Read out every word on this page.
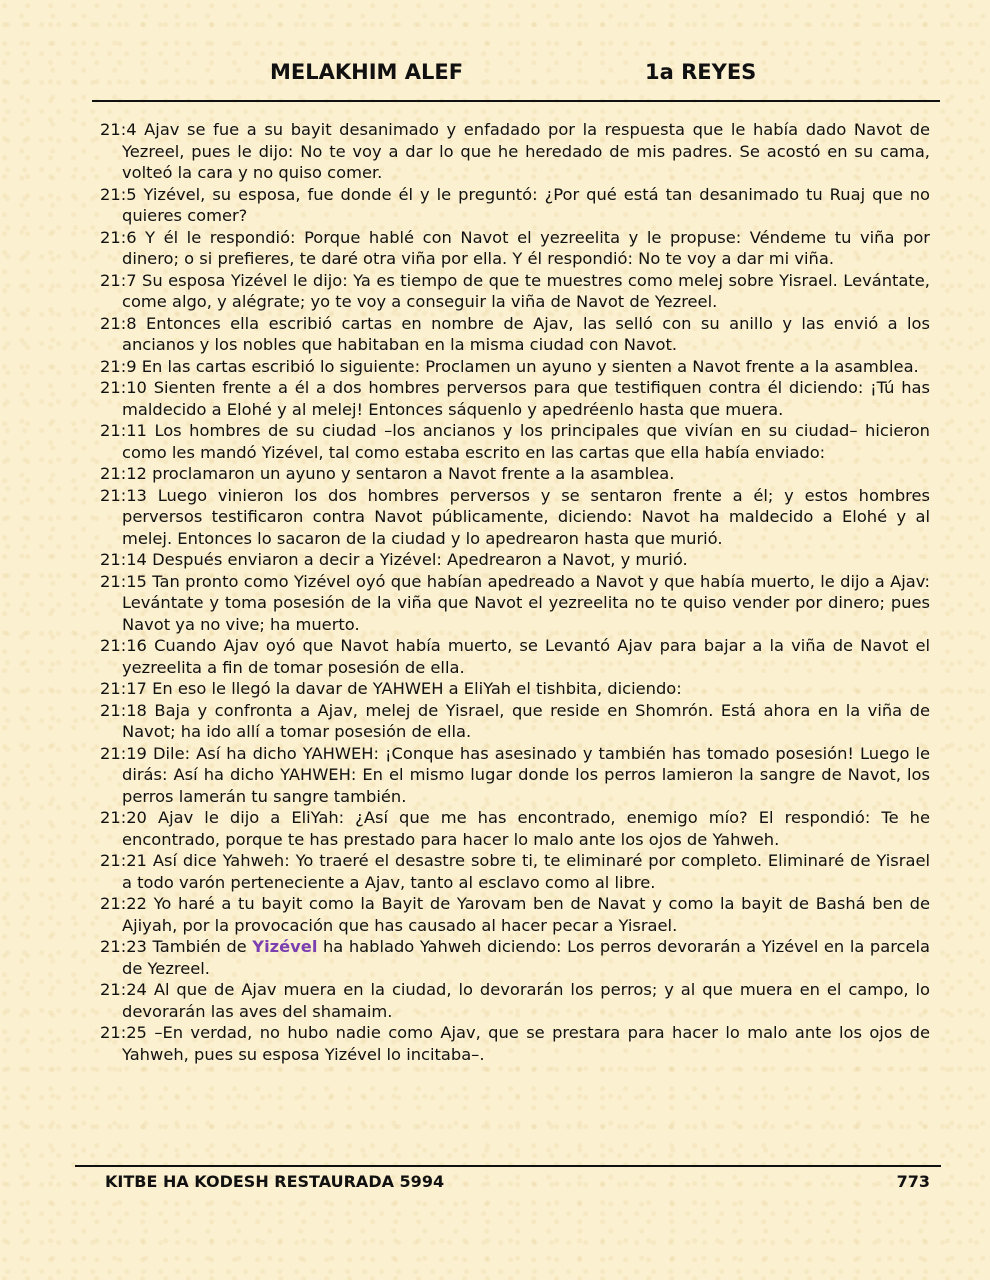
MELAKHIM ALEF	1a REYES
21:4 Ajav se fue a su bayit desanimado y enfadado por la respuesta que le había dado Navot de Yezreel, pues le dijo: No te voy a dar lo que he heredado de mis padres. Se acostó en su cama, volteó la cara y no quiso comer.
21:5 Yizével, su esposa, fue donde él y le preguntó: ¿Por qué está tan desanimado tu Ruaj que no quieres comer?
21:6 Y él le respondió: Porque hablé con Navot el yezreelita y le propuse: Véndeme tu viña por dinero; o si prefieres, te daré otra viña por ella. Y él respondió: No te voy a dar mi viña.
21:7 Su esposa Yizével le dijo: Ya es tiempo de que te muestres como melej sobre Yisrael. Levántate, come algo, y alégrate; yo te voy a conseguir la viña de Navot de Yezreel.
21:8 Entonces ella escribió cartas en nombre de Ajav, las selló con su anillo y las envió a los ancianos y los nobles que habitaban en la misma ciudad con Navot.
21:9 En las cartas escribió lo siguiente: Proclamen un ayuno y sienten a Navot frente a la asamblea.
21:10 Sienten frente a él a dos hombres perversos para que testifiquen contra él diciendo: ¡Tú has maldecido a Elohé y al melej! Entonces sáquenlo y apedréenlo hasta que muera.
21:11 Los hombres de su ciudad –los ancianos y los principales que vivían en su ciudad– hicieron como les mandó Yizével, tal como estaba escrito en las cartas que ella había enviado:
21:12 proclamaron un ayuno y sentaron a Navot frente a la asamblea.
21:13 Luego vinieron los dos hombres perversos y se sentaron frente a él; y estos hombres perversos testificaron contra Navot públicamente, diciendo: Navot ha maldecido a Elohé y al melej. Entonces lo sacaron de la ciudad y lo apedrearon hasta que murió.
21:14 Después enviaron a decir a Yizével: Apedrearon a Navot, y murió.
21:15 Tan pronto como Yizével oyó que habían apedreado a Navot y que había muerto, le dijo a Ajav: Levántate y toma posesión de la viña que Navot el yezreelita no te quiso vender por dinero; pues Navot ya no vive; ha muerto.
21:16 Cuando Ajav oyó que Navot había muerto, se Levantó Ajav para bajar a la viña de Navot el yezreelita a fin de tomar posesión de ella.
21:17 En eso le llegó la davar de YAHWEH a EliYah el tishbita, diciendo:
21:18 Baja y confronta a Ajav, melej de Yisrael, que reside en Shomrón. Está ahora en la viña de Navot; ha ido allí a tomar posesión de ella.
21:19 Dile: Así ha dicho YAHWEH: ¡Conque has asesinado y también has tomado posesión! Luego le dirás: Así ha dicho YAHWEH: En el mismo lugar donde los perros lamieron la sangre de Navot, los perros lamerán tu sangre también.
21:20 Ajav le dijo a EliYah: ¿Así que me has encontrado, enemigo mío? El respondió: Te he encontrado, porque te has prestado para hacer lo malo ante los ojos de Yahweh.
21:21 Así dice Yahweh: Yo traeré el desastre sobre ti, te eliminaré por completo. Eliminaré de Yisrael a todo varón perteneciente a Ajav, tanto al esclavo como al libre.
21:22 Yo haré a tu bayit como la Bayit de Yarovam ben de Navat y como la bayit de Bashá ben de Ajiyah, por la provocación que has causado al hacer pecar a Yisrael.
21:23 También de Yizével ha hablado Yahweh diciendo: Los perros devorarán a Yizével en la parcela de Yezreel.
21:24 Al que de Ajav muera en la ciudad, lo devorarán los perros; y al que muera en el campo, lo devorarán las aves del shamaim.
21:25 –En verdad, no hubo nadie como Ajav, que se prestara para hacer lo malo ante los ojos de Yahweh, pues su esposa Yizével lo incitaba–.
KITBE HA KODESH RESTAURADA 5994	773
